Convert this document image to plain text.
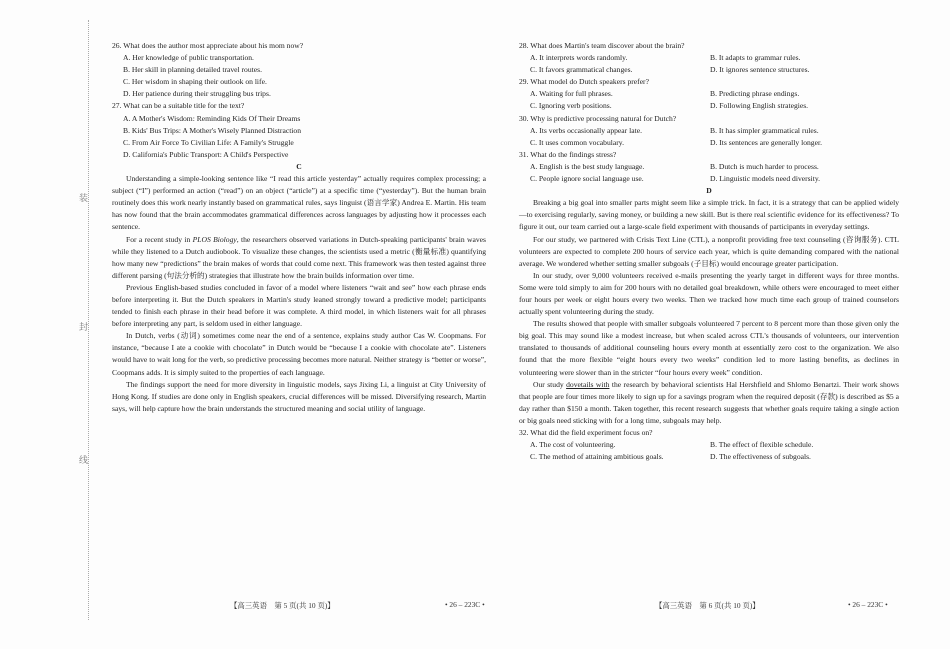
装
封
线

26. What does the author most appreciate about his mom now?

A. Her knowledge of public transportation.

B. Her skill in planning detailed travel routes.

C. Her wisdom in shaping their outlook on life.

D. Her patience during their struggling bus trips.

27. What can be a suitable title for the text?

A. A Mother's Wisdom: Reminding Kids Of Their Dreams

B. Kids' Bus Trips: A Mother's Wisely Planned Distraction

C. From Air Force To Civilian Life: A Family's Struggle

D. California's Public Transport: A Child's Perspective

C

Understanding a simple-looking sentence like “I read this article yesterday” actually requires complex processing; a subject (“I”) performed an action (“read”) on an object (“article”) at a specific time (“yesterday”). But the human brain routinely does this work nearly instantly based on grammatical rules, says linguist (语言学家) Andrea E. Martin. His team has now found that the brain accommodates grammatical differences across languages by adjusting how it processes each sentence.

For a recent study in PLOS Biology, the researchers observed variations in Dutch-speaking participants' brain waves while they listened to a Dutch audiobook. To visualize these changes, the scientists used a metric (衡量标准) quantifying how many new “predictions” the brain makes of words that could come next. This framework was then tested against three different parsing (句法分析的) strategies that illustrate how the brain builds information over time.

Previous English-based studies concluded in favor of a model where listeners “wait and see” how each phrase ends before interpreting it. But the Dutch speakers in Martin's study leaned strongly toward a predictive model; participants tended to finish each phrase in their head before it was complete. A third model, in which listeners wait for all phrases before interpreting any part, is seldom used in either language.

In Dutch, verbs (动词) sometimes come near the end of a sentence, explains study author Cas W. Coopmans. For instance, “because I ate a cookie with chocolate” in Dutch would be “because I a cookie with chocolate ate”. Listeners would have to wait long for the verb, so predictive processing becomes more natural. Neither strategy is “better or worse”, Coopmans adds. It is simply suited to the properties of each language.

The findings support the need for more diversity in linguistic models, says Jixing Li, a linguist at City University of Hong Kong. If studies are done only in English speakers, crucial differences will be missed. Diversifying research, Martin says, will help capture how the brain understands the structured meaning and social utility of language.

28. What does Martin's team discover about the brain?

A. It interprets words randomly.	B. It adapts to grammar rules.
C. It favors grammatical changes.	D. It ignores sentence structures.

29. What model do Dutch speakers prefer?

A. Waiting for full phrases.	B. Predicting phrase endings.
C. Ignoring verb positions.	D. Following English strategies.

30. Why is predictive processing natural for Dutch?

A. Its verbs occasionally appear late.	B. It has simpler grammatical rules.
C. It uses common vocabulary.	D. Its sentences are generally longer.

31. What do the findings stress?

A. English is the best study language.	B. Dutch is much harder to process.
C. People ignore social language use.	D. Linguistic models need diversity.

D

Breaking a big goal into smaller parts might seem like a simple trick. In fact, it is a strategy that can be applied widely—to exercising regularly, saving money, or building a new skill. But is there real scientific evidence for its effectiveness? To figure it out, our team carried out a large-scale field experiment with thousands of participants in everyday settings.

For our study, we partnered with Crisis Text Line (CTL), a nonprofit providing free text counseling (咨询服务). CTL volunteers are expected to complete 200 hours of service each year, which is quite demanding compared with the national average. We wondered whether setting smaller subgoals (子目标) would encourage greater participation.

In our study, over 9,000 volunteers received e-mails presenting the yearly target in different ways for three months. Some were told simply to aim for 200 hours with no detailed goal breakdown, while others were encouraged to meet either four hours per week or eight hours every two weeks. Then we tracked how much time each group of trained counselors actually spent volunteering during the study.

The results showed that people with smaller subgoals volunteered 7 percent to 8 percent more than those given only the big goal. This may sound like a modest increase, but when scaled across CTL's thousands of volunteers, our intervention translated to thousands of additional counseling hours every month at essentially zero cost to the organization. We also found that the more flexible “eight hours every two weeks” condition led to more lasting benefits, as declines in volunteering were slower than in the stricter “four hours every week” condition.

Our study dovetails with the research by behavioral scientists Hal Hershfield and Shlomo Benartzi. Their work shows that people are four times more likely to sign up for a savings program when the required deposit (存款) is described as $5 a day rather than $150 a month. Taken together, this recent research suggests that whether goals require taking a single action or big goals need sticking with for a long time, subgoals may help.

32. What did the field experiment focus on?

A. The cost of volunteering.	B. The effect of flexible schedule.
C. The method of attaining ambitious goals.	D. The effectiveness of subgoals.
【高三英语　第 5 页(共 10 页)】	• 26 – 223C •	【高三英语　第 6 页(共 10 页)】	• 26 – 223C •
